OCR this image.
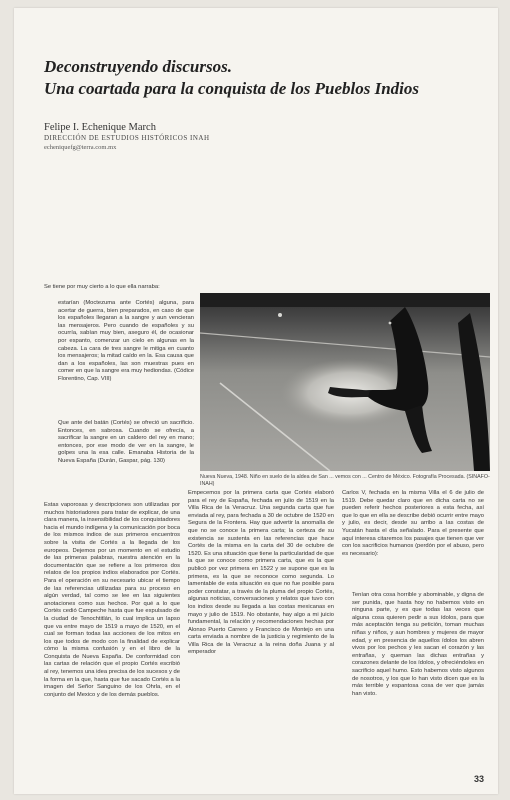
Deconstruyendo discursos.
Una coartada para la conquista de los Pueblos Indios
Felipe I. Echenique March
DIRECCIÓN DE ESTUDIOS HISTÓRICOS INAH
echeniquefg@terra.com.mx
Se tiene por muy cierto a lo que ella narraba:
estarían (Moctezuma ante Cortés) alguna, para acertar de guerra, bien preparados, en caso de que los españoles llegaran a la sangre y aun vencieran las mensajeros. Pero cuando de españoles y su ocurría, sabían muy bien, aseguro él, de ocasionar por espanto, comenzar un cielo en algunas en la cabeza. La cara de tres sangre le mitiga en cuanto los mensajeros; la mitad caído en la. Esa causa que dan a los españoles, las son muestras pues en comer en que la sangre era muy hediondas. (Códice Florentino, Cap. VIII)
Que ante del batán (Cortés) se ofreció un sacrificio. Entonces, en sabrosa. Cuando se ofrecía, a sacrificar la sangre en un caldero del rey en mano; entonces, por ese modo de ver en la sangre, le golpes una la esa calle. Emanaba Historia de la Nueva España (Durán, Gaspar, pág. 130)
Nueva Nueva, 1948. Niño en suelo de la aldea de San ... vemos con ... Centro de México. Fotografía Procesada. (SINAFO-INAH)
Estas vaporosas y descripciones son utilizadas por muchos historiadores para tratar de explicar, de una clara manera, la insensibilidad de los conquistadores hacia el mundo indígena y la comunicación por boca de los mismos indios de sus primeros encuentros sobre la visita de Cortés a la llegada de los europeos. Dejemos por un momento en el estudio de las primeras palabras, nuestra atención en la documentación que se refiere a los primeros dos relatos de los propios indios elaborados por Cortés. Para el operación en su necesario ubicar el tiempo de las referencias utilizadas para su proceso en algún verdad, tal como se lee en las siguientes anotaciones como sus hechos. Por qué a lo que Cortés cedió Campeche hasta que fue expulsado de la ciudad de Tenochtitlán, lo cual implica un lapso que va entre mayo de 1519 a mayo de 1520, en el cual se forman todas las acciones de los mitos en los que todos de modo con la finalidad de explicar cómo la misma confusión y en el libro de la Conquista de Nueva España. De conformidad con las cartas de relación que el propio Cortés escribió al rey, tenemos una idea precisa de los sucesos y de la forma en la que, hasta que fue sacado Cortés a la imagen del Señor Sanguino de los Ohrla, en el conjunto del Mexico y de los demás pueblos.
Empecemos por la primera carta que Cortés elaboró para el rey de España, fechada en julio de 1519 en la Villa Rica de la Veracruz. Una segunda carta que fue enviada al rey, para fechada a 30 de octubre de 1520 en Segura de la Frontera. Hay que advertir la anomalía de que no se conoce la primera carta; la certeza de su existencia se sustenta en las referencias que hace Cortés de la misma en la carta del 30 de octubre de 1520. Es una situación que tiene la particularidad de que la que se conoce como primera carta, que es la que publicó por vez primera en 1522 y se supone que es la primera, es la que se reconoce como segunda. Lo lamentable de esta situación es que no fue posible para poder constatar, a través de la pluma del propio Cortés, algunas noticias, conversaciones y relatos que tuvo con los indios desde su llegada a las costas mexicanas en mayo y julio de 1519. No obstante, hay algo a mi juicio fundamental, la relación y recomendaciones hechas por Alonso Puerto Carrero y Francisco de Montejo en una carta enviada a nombre de la justicia y regimiento de la Villa Rica de la Veracruz a la reina doña Juana y al emperador
Carlos V, fechada en la misma Villa el 6 de julio de 1519. Debe quedar claro que en dicha carta no se pueden referir hechos posteriores a esta fecha, así que lo que en ella se describe debió ocurrir entre mayo y julio, es decir, desde su arribo a las costas de Yucatán hasta el día señalado. Para el presente que aquí interesa citaremos los pasajes que tienen que ver con los sacrificios humanos (perdón por el abuso, pero es necesario):
Tenían otra cosa horrible y abominable, y digna de ser punida, que hasta hoy no habemos visto en ninguna parte, y es que todas las veces que alguna cosa quieren pedir a sus ídolos, para que más aceptación tenga su petición, toman muchas niñas y niños, y aun hombres y mujeres de mayor edad, y en presencia de aquellos ídolos los abren vivos por los pechos y les sacan el corazón y las entrañas, y queman las dichas entrañas y corazones delante de los ídolos, y ofreciéndoles en sacrificio aquel humo. Esto habemos visto algunos de nosotros, y los que lo han visto dicen que es la más terrible y espantosa cosa de ver que jamás han visto.
33
